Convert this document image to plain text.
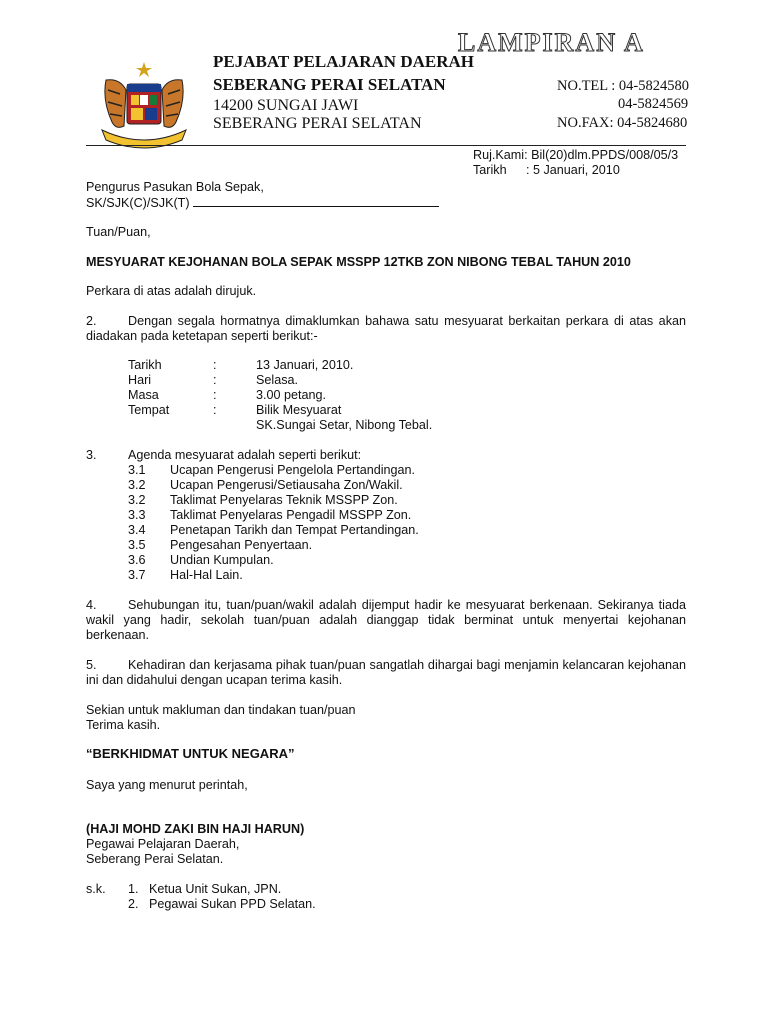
LAMPIRAN A
PEJABAT PELAJARAN DAERAH
SEBERANG PERAI SELATAN
14200 SUNGAI JAWI
SEBERANG PERAI SELATAN
NO.TEL : 04-5824580
04-5824569
NO.FAX: 04-5824680
Ruj.Kami: Bil(20)dlm.PPDS/008/05/3
Tarikh : 5 Januari, 2010
Pengurus Pasukan Bola Sepak,
SK/SJK(C)/SJK(T)
Tuan/Puan,
MESYUARAT KEJOHANAN BOLA SEPAK MSSPP 12TKB ZON NIBONG TEBAL TAHUN 2010
Perkara di atas adalah dirujuk.
2.	Dengan segala hormatnya dimaklumkan bahawa satu mesyuarat berkaitan perkara di atas akan diadakan pada ketetapan seperti berikut:-
Tarikh	:	13 Januari, 2010.
Hari	:	Selasa.
Masa	:	3.00 petang.
Tempat	:	Bilik Mesyuarat
SK.Sungai Setar, Nibong Tebal.
3. Agenda mesyuarat adalah seperti berikut:
3.1 Ucapan Pengerusi Pengelola Pertandingan.
3.2 Ucapan Pengerusi/Setiausaha Zon/Wakil.
3.2 Taklimat Penyelaras Teknik MSSPP Zon.
3.3 Taklimat Penyelaras Pengadil MSSPP Zon.
3.4 Penetapan Tarikh dan Tempat Pertandingan.
3.5 Pengesahan Penyertaan.
3.6 Undian Kumpulan.
3.7 Hal-Hal Lain.
4.	Sehubungan itu, tuan/puan/wakil adalah dijemput hadir ke mesyuarat berkenaan. Sekiranya tiada wakil yang hadir, sekolah tuan/puan adalah dianggap tidak berminat untuk menyertai kejohanan berkenaan.
5.	Kehadiran dan kerjasama pihak tuan/puan sangatlah dihargai bagi menjamin kelancaran kejohanan ini dan didahului dengan ucapan terima kasih.
Sekian untuk makluman dan tindakan tuan/puan
Terima kasih.
“BERKHIDMAT UNTUK NEGARA”
Saya yang menurut perintah,
(HAJI MOHD ZAKI BIN HAJI HARUN)
Pegawai Pelajaran Daerah,
Seberang Perai Selatan.
s.k. 1. Ketua Unit Sukan, JPN.
2. Pegawai Sukan PPD Selatan.
